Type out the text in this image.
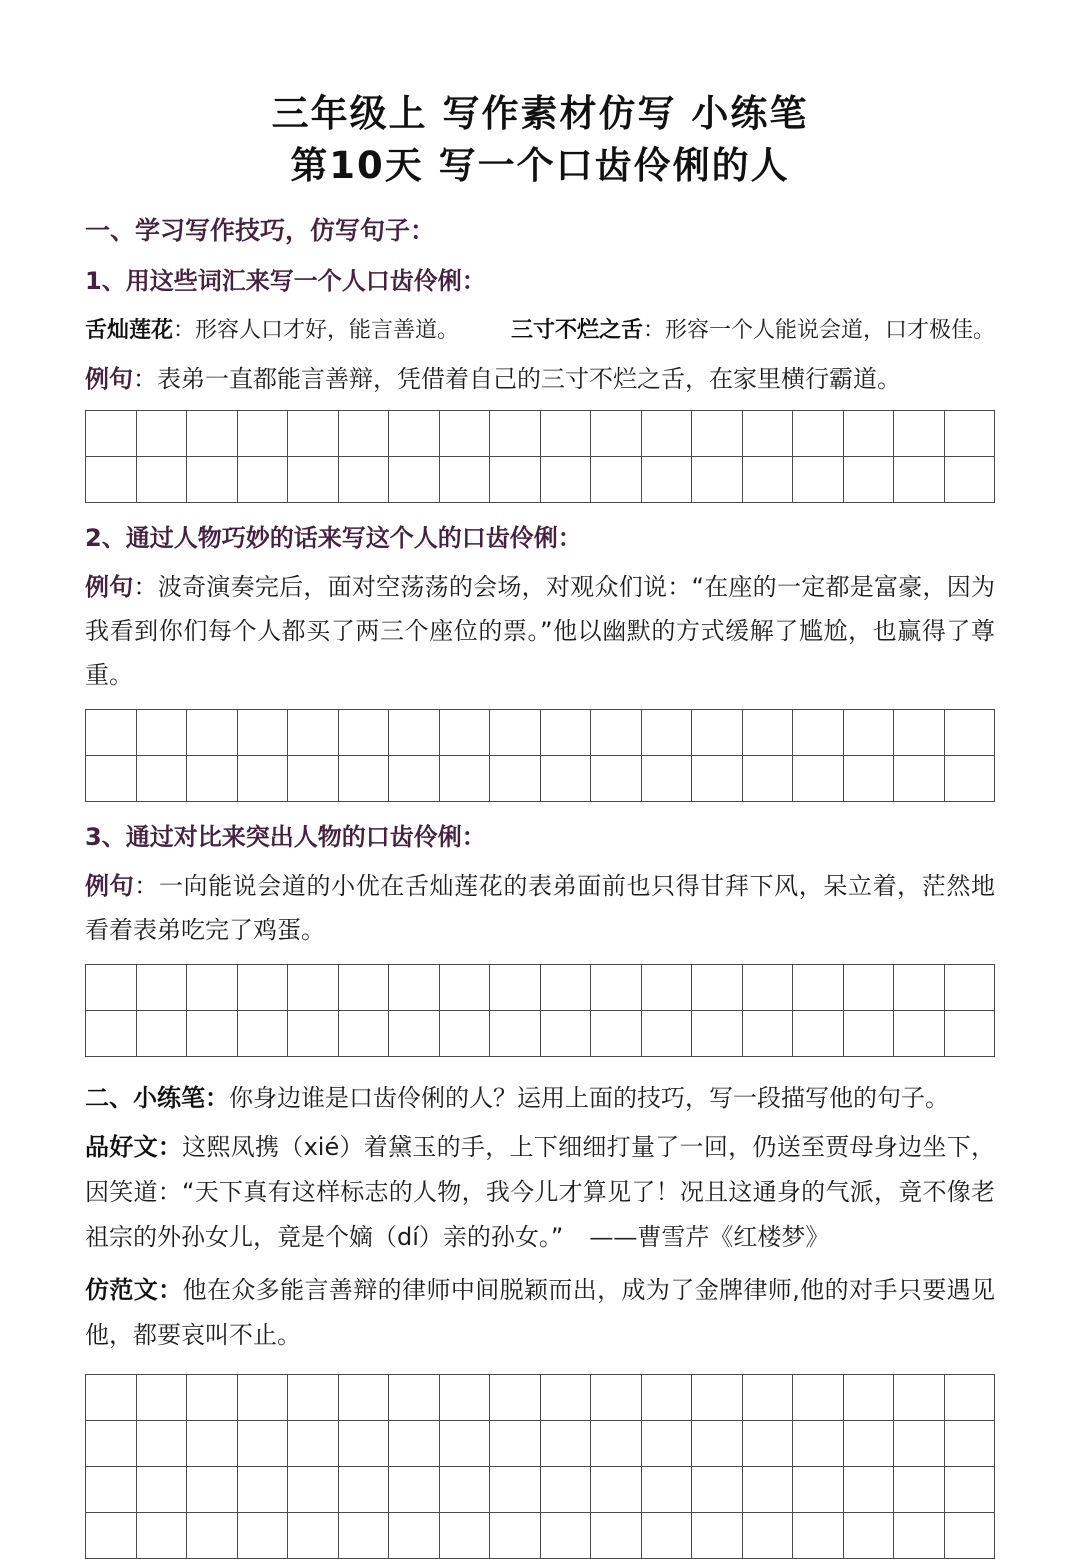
三年级上 写作素材仿写 小练笔
第10天 写一个口齿伶俐的人
一、学习写作技巧，仿写句子：
1、用这些词汇来写一个人口齿伶俐：
舌灿莲花：形容人口才好，能言善道。 三寸不烂之舌：形容一个人能说会道，口才极佳。

例句：表弟一直都能言善辩，凭借着自己的三寸不烂之舌，在家里横行霸道。

2、通过人物巧妙的话来写这个人的口齿伶俐：

例句：波奇演奏完后，面对空荡荡的会场，对观众们说：“在座的一定都是富豪，因为我看到你们每个人都买了两三个座位的票。”他以幽默的方式缓解了尴尬，也赢得了尊重。

3、通过对比来突出人物的口齿伶俐：

例句：一向能说会道的小优在舌灿莲花的表弟面前也只得甘拜下风，呆立着，茫然地看着表弟吃完了鸡蛋。

二、小练笔：你身边谁是口齿伶俐的人？运用上面的技巧，写一段描写他的句子。

品好文：这熙凤携（xié）着黛玉的手，上下细细打量了一回，仍送至贾母身边坐下，因笑道：“天下真有这样标志的人物，我今儿才算见了！况且这通身的气派，竟不像老祖宗的外孙女儿，竟是个嫡（dí）亲的孙女。” ——曹雪芹《红楼梦》

仿范文：他在众多能言善辩的律师中间脱颖而出，成为了金牌律师,他的对手只要遇见他，都要哀叫不止。
